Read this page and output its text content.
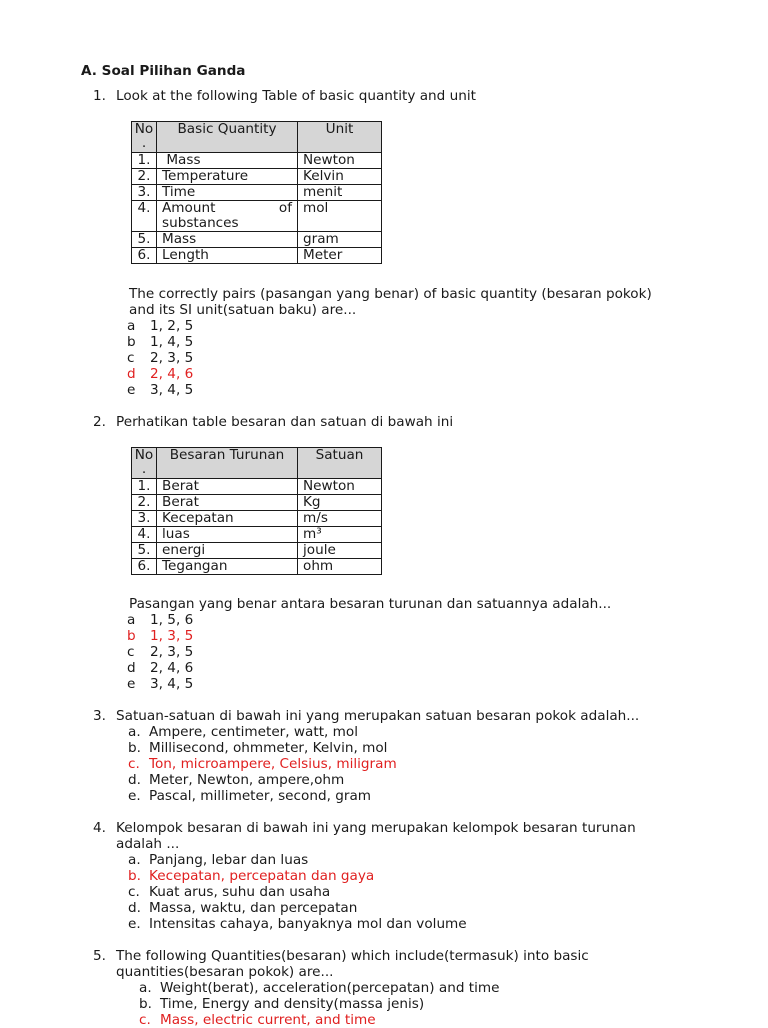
A. Soal Pilihan Ganda
1. Look at the following Table of basic quantity and unit
No
.	Basic Quantity	Unit
1.	Mass	Newton
2.	Temperature	Kelvin
3.	Time	menit
4.	Amount of
substances	mol
5.	Mass	gram
6.	Length	Meter
The correctly pairs (pasangan yang benar) of basic quantity (besaran pokok)
and its SI unit(satuan baku) are...
a 1, 2, 5
b 1, 4, 5
c 2, 3, 5
d 2, 4, 6
e 3, 4, 5
2. Perhatikan table besaran dan satuan di bawah ini
No
.	Besaran Turunan	Satuan
1.	Berat	Newton
2.	Berat	Kg
3.	Kecepatan	m/s
4.	luas	m³
5.	energi	joule
6.	Tegangan	ohm
Pasangan yang benar antara besaran turunan dan satuannya adalah...
a 1, 5, 6
b 1, 3, 5
c 2, 3, 5
d 2, 4, 6
e 3, 4, 5
3. Satuan-satuan di bawah ini yang merupakan satuan besaran pokok adalah...
a. Ampere, centimeter, watt, mol
b. Millisecond, ohmmeter, Kelvin, mol
c. Ton, microampere, Celsius, miligram
d. Meter, Newton, ampere,ohm
e. Pascal, millimeter, second, gram
4. Kelompok besaran di bawah ini yang merupakan kelompok besaran turunan
adalah ...
a. Panjang, lebar dan luas
b. Kecepatan, percepatan dan gaya
c. Kuat arus, suhu dan usaha
d. Massa, waktu, dan percepatan
e. Intensitas cahaya, banyaknya mol dan volume
5. The following Quantities(besaran) which include(termasuk) into basic
quantities(besaran pokok) are...
a. Weight(berat), acceleration(percepatan) and time
b. Time, Energy and density(massa jenis)
c. Mass, electric current, and time
